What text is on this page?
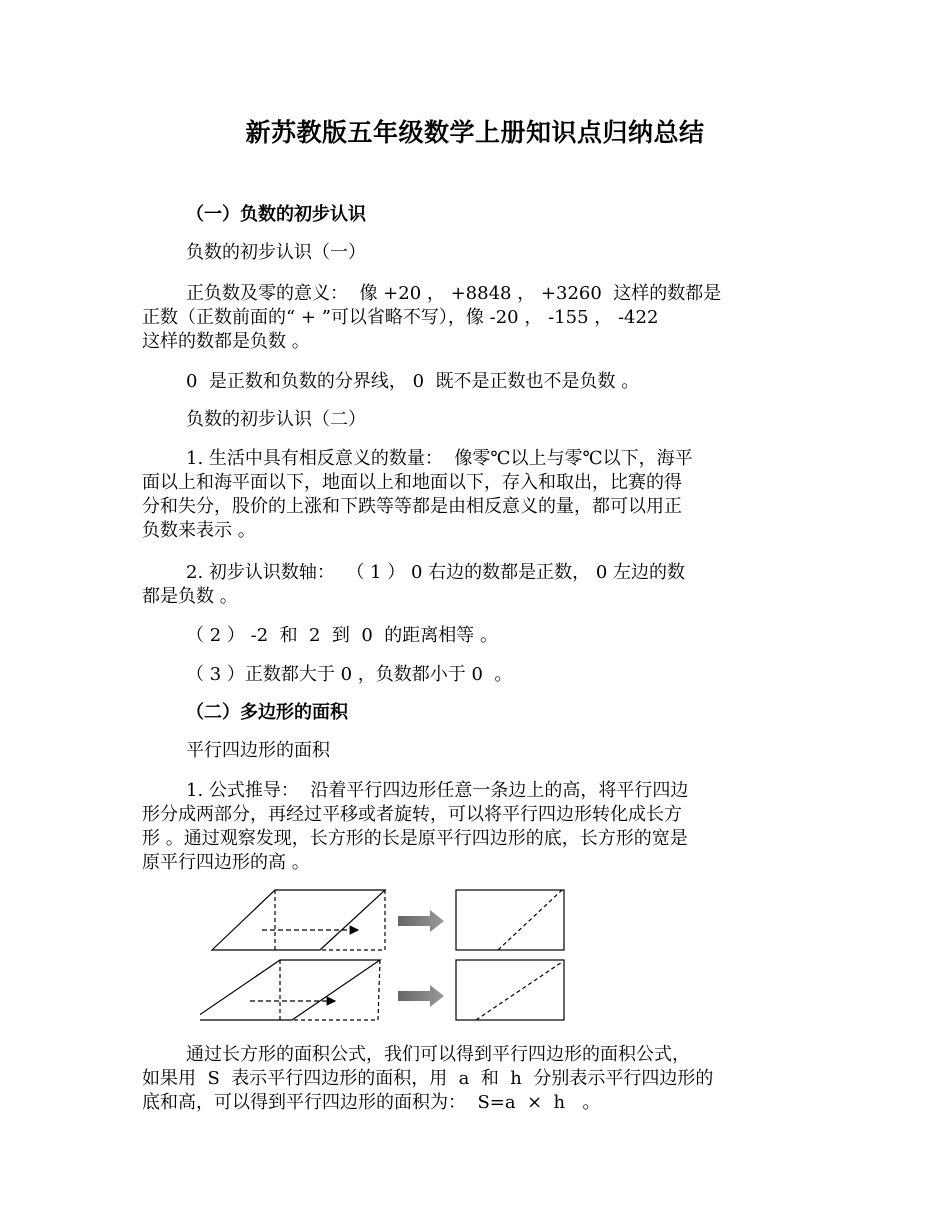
新苏教版五年级数学上册知识点归纳总结
（一）负数的初步认识
负数的初步认识（一）
正负数及零的意义：  像 +20 ， +8848 ， +3260  这样的数都是
正数（正数前面的“ + ”可以省略不写），像 -20 ， -155 ， -422
这样的数都是负数 。
0  是正数和负数的分界线， 0  既不是正数也不是负数 。
负数的初步认识（二）
1. 生活中具有相反意义的数量：  像零℃以上与零℃以下，海平
面以上和海平面以下，地面以上和地面以下，存入和取出，比赛的得
分和失分，股价的上涨和下跌等等都是由相反意义的量，都可以用正
负数来表示 。
2. 初步认识数轴：  （ 1 ） 0 右边的数都是正数， 0 左边的数
都是负数 。
（ 2 ） -2  和  2  到  0  的距离相等 。
（ 3 ）正数都大于 0 ，负数都小于 0  。
（二）多边形的面积
平行四边形的面积
1. 公式推导：  沿着平行四边形任意一条边上的高，将平行四边
形分成两部分，再经过平移或者旋转，可以将平行四边形转化成长方
形 。通过观察发现，长方形的长是原平行四边形的底，长方形的宽是
原平行四边形的高 。
通过长方形的面积公式，我们可以得到平行四边形的面积公式，
如果用  S  表示平行四边形的面积，用  a  和  h  分别表示平行四边形的
底和高，可以得到平行四边形的面积为：  S=a  ×  h   。
